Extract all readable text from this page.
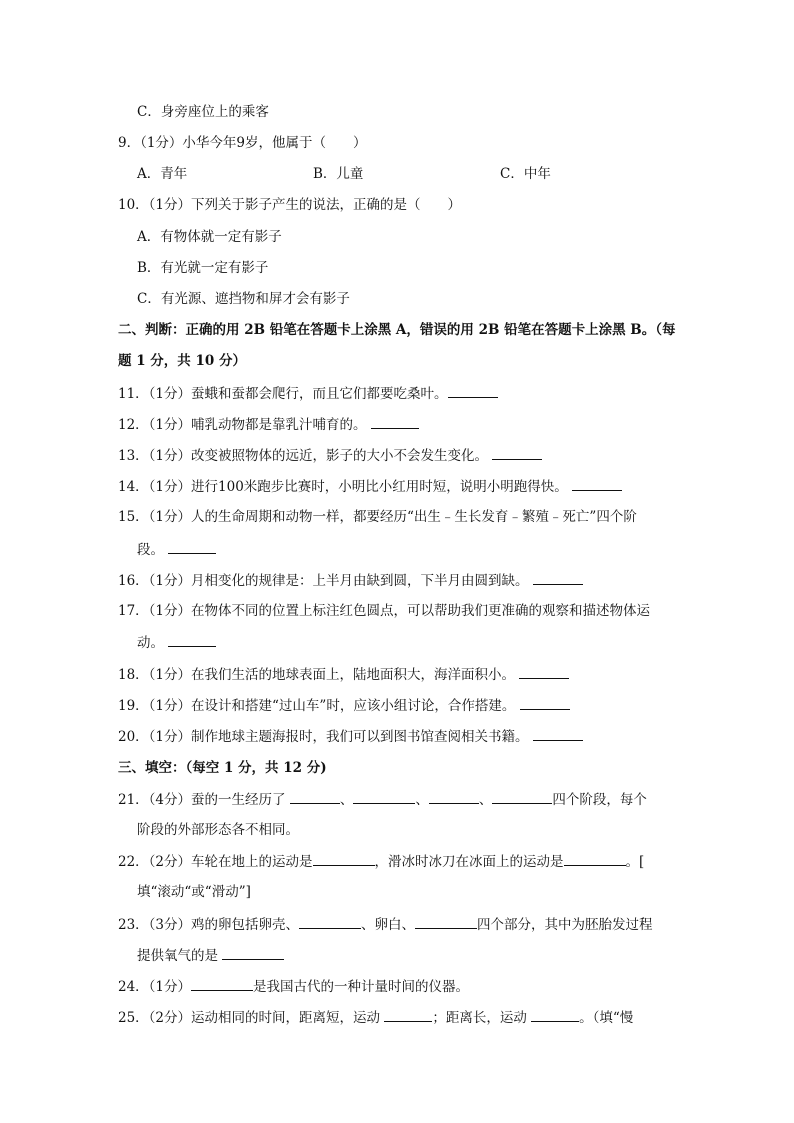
C．身旁座位上的乘客
9．（1分）小华今年9岁，他属于（　　）
A．青年	B．儿童	C．中年
10．（1分）下列关于影子产生的说法，正确的是（　　）
A．有物体就一定有影子
B．有光就一定有影子
C．有光源、遮挡物和屏才会有影子
二、判断：正确的用 2B 铅笔在答题卡上涂黑 A，错误的用 2B 铅笔在答题卡上涂黑 B。（每
题 1 分，共 10 分）
11．（1分）蚕蛾和蚕都会爬行，而且它们都要吃桑叶。
12．（1分）哺乳动物都是靠乳汁哺育的。
13．（1分）改变被照物体的远近，影子的大小不会发生变化。
14．（1分）进行100米跑步比赛时，小明比小红用时短，说明小明跑得快。
15．（1分）人的生命周期和动物一样，都要经历“出生﹣生长发育﹣繁殖﹣死亡”四个阶
段。
16．（1分）月相变化的规律是：上半月由缺到圆，下半月由圆到缺。
17．（1分）在物体不同的位置上标注红色圆点，可以帮助我们更准确的观察和描述物体运
动。
18．（1分）在我们生活的地球表面上，陆地面积大，海洋面积小。
19．（1分）在设计和搭建“过山车”时，应该小组讨论，合作搭建。
20．（1分）制作地球主题海报时，我们可以到图书馆查阅相关书籍。
三、填空：（每空 1 分，共 12 分)
21．（4分）蚕的一生经历了	、	、	、	四个阶段，每个
阶段的外部形态各不相同。
22．（2分）车轮在地上的运动是	，滑冰时冰刀在冰面上的运动是	。[
填“滚动“或“滑动”]
23．（3分）鸡的卵包括卵壳、	、卵白、	四个部分，其中为胚胎发过程
提供氧气的是
24．（1分）	是我国古代的一种计量时间的仪器。
25．（2分）运动相同的时间，距离短，运动	；距离长，运动	。（填“慢
